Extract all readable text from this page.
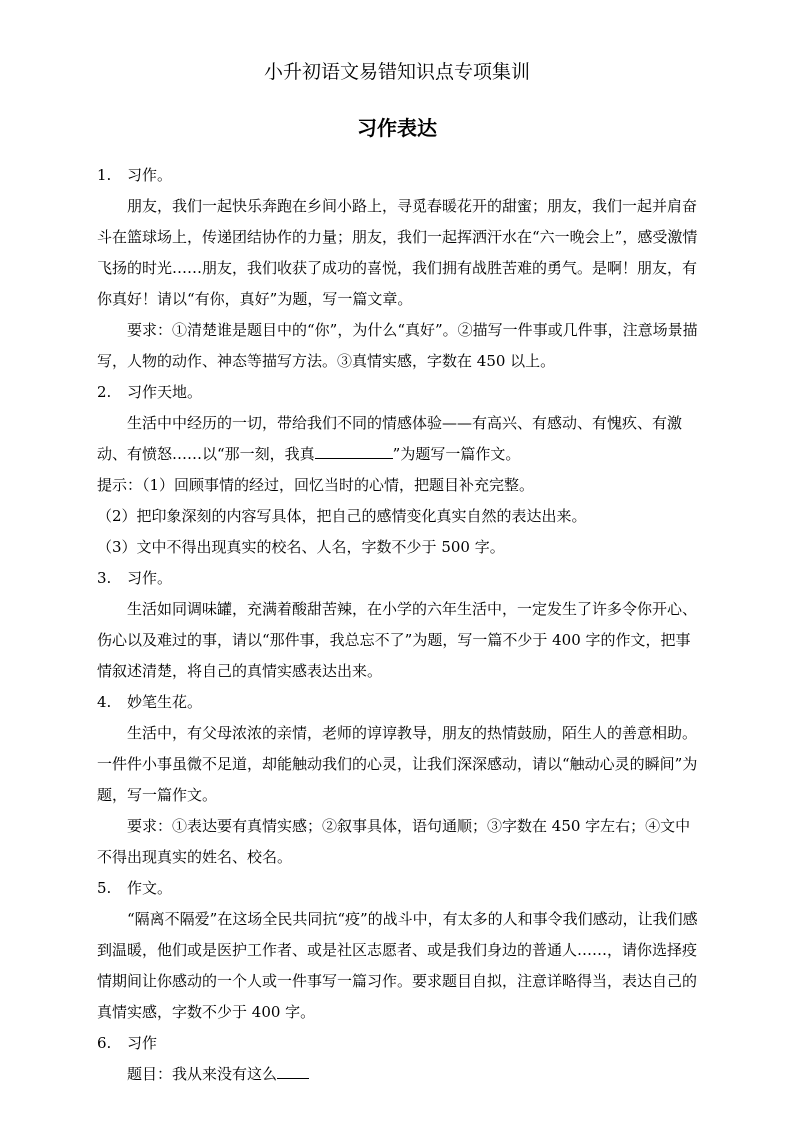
小升初语文易错知识点专项集训
习作表达

1. 习作。

朋友，我们一起快乐奔跑在乡间小路上，寻觅春暖花开的甜蜜；朋友，我们一起并肩奋斗在篮球场上，传递团结协作的力量；朋友，我们一起挥洒汗水在“六一晚会上”，感受激情飞扬的时光……朋友，我们收获了成功的喜悦，我们拥有战胜苦难的勇气。是啊！朋友，有你真好！请以“有你，真好”为题，写一篇文章。

要求：①清楚谁是题目中的“你”，为什么“真好”。②描写一件事或几件事，注意场景描写，人物的动作、神态等描写方法。③真情实感，字数在 450 以上。

2. 习作天地。

生活中中经历的一切，带给我们不同的情感体验——有高兴、有感动、有愧疚、有激动、有愤怒……以“那一刻，我真	”为题写一篇作文。

提示：（1）回顾事情的经过，回忆当时的心情，把题目补充完整。

（2）把印象深刻的内容写具体，把自己的感情变化真实自然的表达出来。

（3）文中不得出现真实的校名、人名，字数不少于 500 字。

3. 习作。

生活如同调味罐，充满着酸甜苦辣，在小学的六年生活中，一定发生了许多令你开心、伤心以及难过的事，请以“那件事，我总忘不了”为题，写一篇不少于 400 字的作文，把事情叙述清楚，将自己的真情实感表达出来。

4. 妙笔生花。

生活中，有父母浓浓的亲情，老师的谆谆教导，朋友的热情鼓励，陌生人的善意相助。一件件小事虽微不足道，却能触动我们的心灵，让我们深深感动，请以“触动心灵的瞬间”为题，写一篇作文。

要求：①表达要有真情实感；②叙事具体，语句通顺；③字数在 450 字左右；④文中不得出现真实的姓名、校名。

5. 作文。

“隔离不隔爱”在这场全民共同抗“疫”的战斗中，有太多的人和事令我们感动，让我们感到温暖，他们或是医护工作者、或是社区志愿者、或是我们身边的普通人……，请你选择疫情期间让你感动的一个人或一件事写一篇习作。要求题目自拟，注意详略得当，表达自己的真情实感，字数不少于 400 字。

6. 习作

题目：我从来没有这么
